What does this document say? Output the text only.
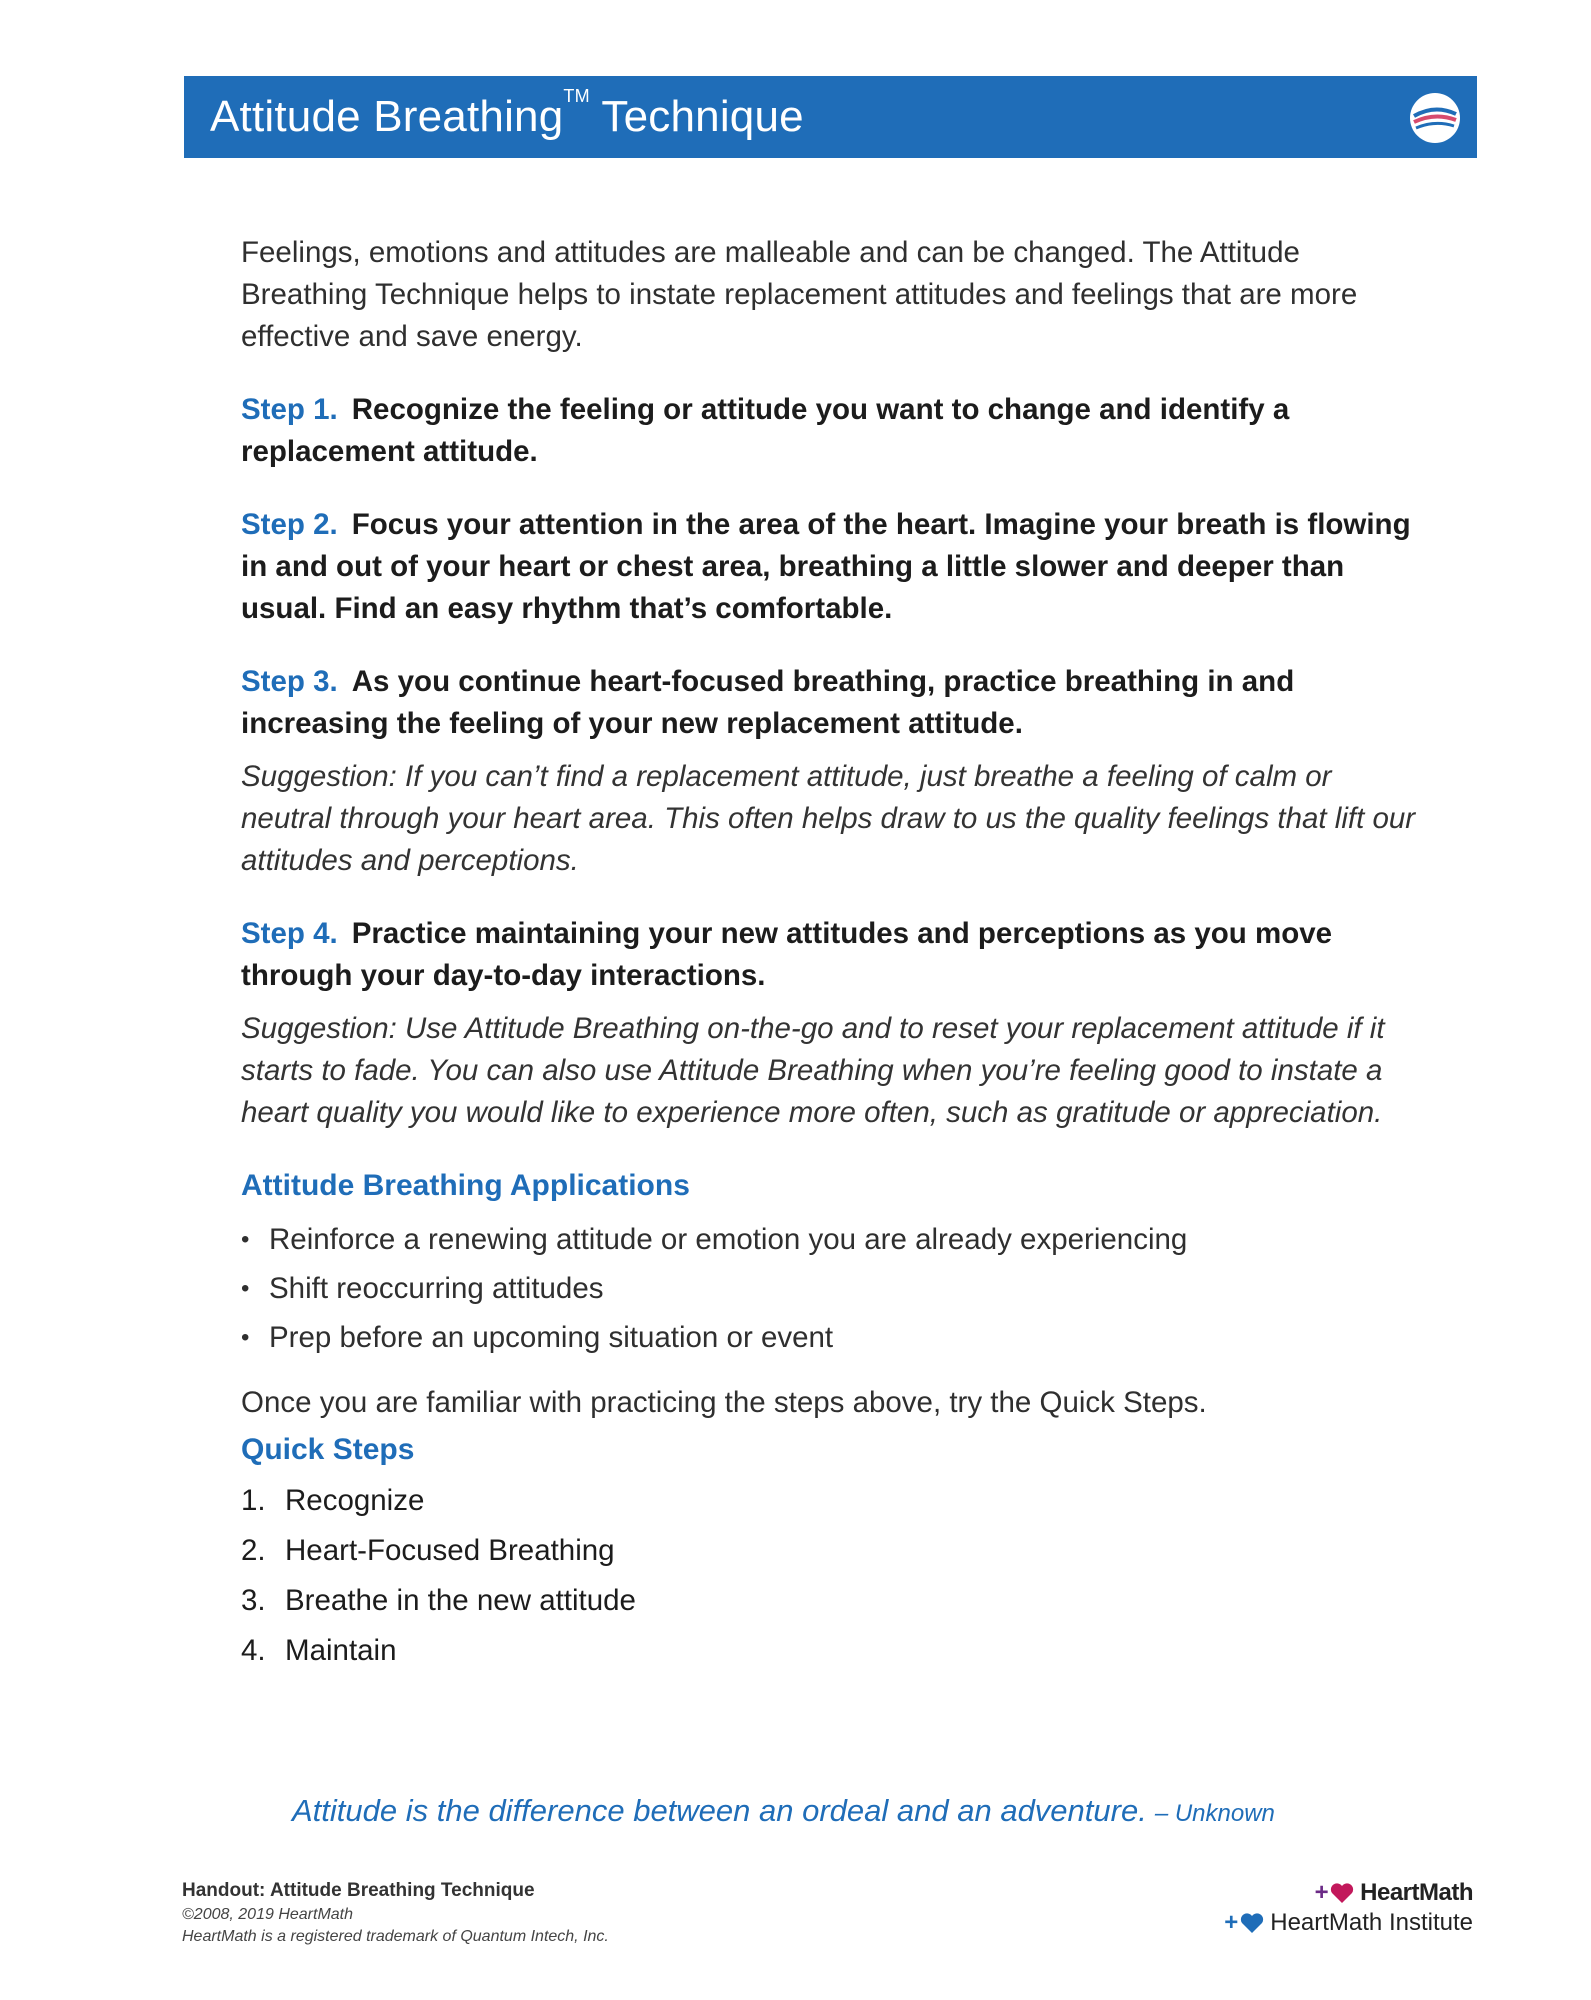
Attitude Breathing™ Technique

Feelings, emotions and attitudes are malleable and can be changed. The Attitude Breathing Technique helps to instate replacement attitudes and feelings that are more effective and save energy.

Step 1. Recognize the feeling or attitude you want to change and identify a replacement attitude.

Step 2. Focus your attention in the area of the heart. Imagine your breath is flowing in and out of your heart or chest area, breathing a little slower and deeper than usual. Find an easy rhythm that’s comfortable.

Step 3. As you continue heart-focused breathing, practice breathing in and increasing the feeling of your new replacement attitude.

Suggestion: If you can’t find a replacement attitude, just breathe a feeling of calm or neutral through your heart area. This often helps draw to us the quality feelings that lift our attitudes and perceptions.

Step 4. Practice maintaining your new attitudes and perceptions as you move through your day-to-day interactions.

Suggestion: Use Attitude Breathing on-the-go and to reset your replacement attitude if it starts to fade. You can also use Attitude Breathing when you’re feeling good to instate a heart quality you would like to experience more often, such as gratitude or appreciation.

Attitude Breathing Applications
• Reinforce a renewing attitude or emotion you are already experiencing
• Shift reoccurring attitudes
• Prep before an upcoming situation or event

Once you are familiar with practicing the steps above, try the Quick Steps.

Quick Steps
1. Recognize
2. Heart-Focused Breathing
3. Breathe in the new attitude
4. Maintain
Attitude is the difference between an ordeal and an adventure. – Unknown
Handout: Attitude Breathing Technique
©2008, 2019 HeartMath
HeartMath is a registered trademark of Quantum Intech, Inc.
+ HeartMath
+ HeartMath Institute
